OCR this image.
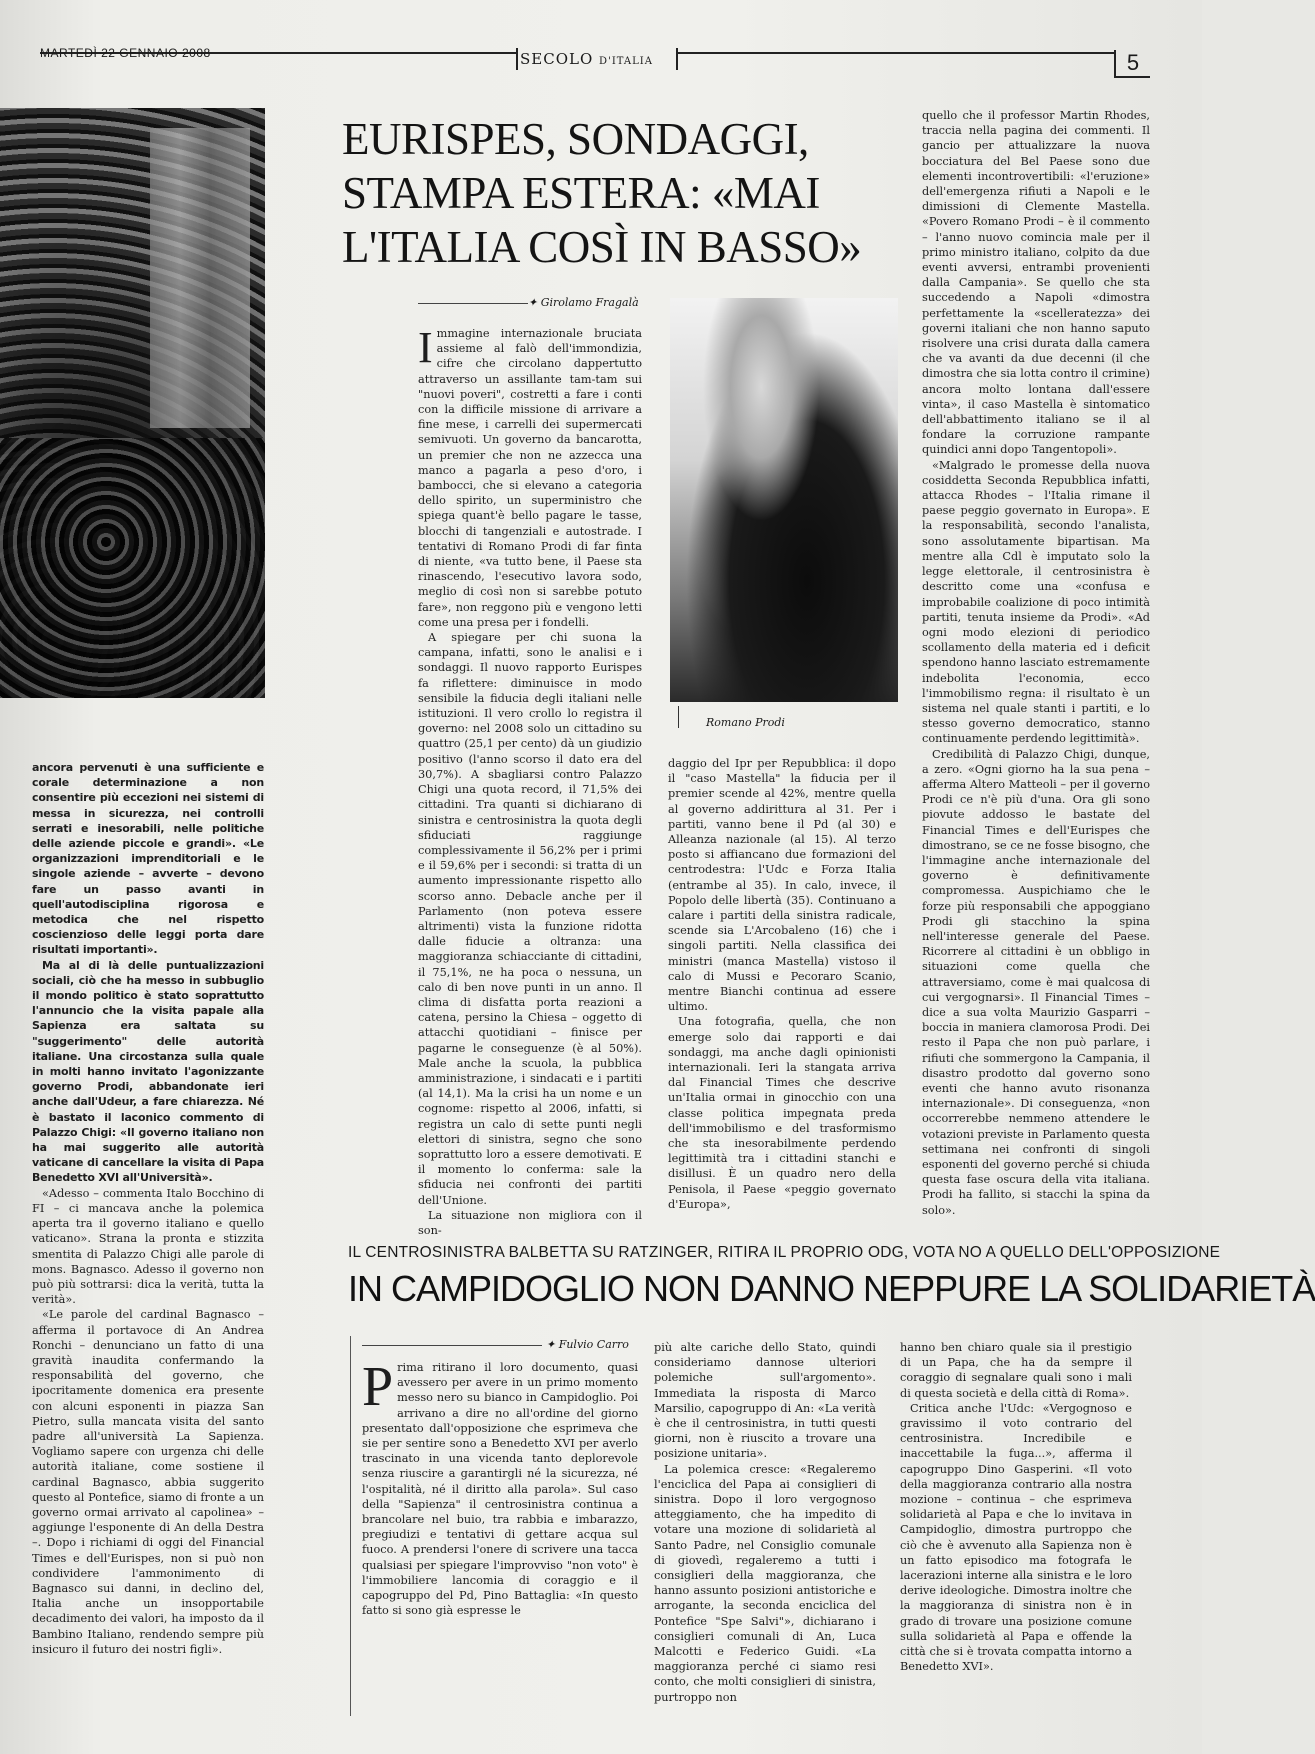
MARTEDÌ 22 GENNAIO 2008	SECOLO D'ITALIA	5
Romano Prodi
EURISPES, SONDAGGI,
STAMPA ESTERA: «MAI
L'ITALIA COSÌ IN BASSO»
✦ Girolamo Fragalà

Immagine internazionale bruciata assieme al falò dell'immondizia, cifre che circolano dappertutto attraverso un assillante tam-tam sui "nuovi poveri", costretti a fare i conti con la difficile missione di arrivare a fine mese, i carrelli dei supermercati semivuoti. Un governo da bancarotta, un premier che non ne azzecca una manco a pagarla a peso d'oro, i bambocci, che si elevano a categoria dello spirito, un superministro che spiega quant'è bello pagare le tasse, blocchi di tangenziali e autostrade. I tentativi di Romano Prodi di far finta di niente, «va tutto bene, il Paese sta rinascendo, l'esecutivo lavora sodo, meglio di così non si sarebbe potuto fare», non reggono più e vengono letti come una presa per i fondelli.

A spiegare per chi suona la campana, infatti, sono le analisi e i sondaggi. Il nuovo rapporto Eurispes fa riflettere: diminuisce in modo sensibile la fiducia degli italiani nelle istituzioni. Il vero crollo lo registra il governo: nel 2008 solo un cittadino su quattro (25,1 per cento) dà un giudizio positivo (l'anno scorso il dato era del 30,7%). A sbagliarsi contro Palazzo Chigi una quota record, il 71,5% dei cittadini. Tra quanti si dichiarano di sinistra e centrosinistra la quota degli sfiduciati raggiunge complessivamente il 56,2% per i primi e il 59,6% per i secondi: si tratta di un aumento impressionante rispetto allo scorso anno. Debacle anche per il Parlamento (non poteva essere altrimenti) vista la funzione ridotta dalle fiducie a oltranza: una maggioranza schiacciante di cittadini, il 75,1%, ne ha poca o nessuna, un calo di ben nove punti in un anno. Il clima di disfatta porta reazioni a catena, persino la Chiesa – oggetto di attacchi quotidiani – finisce per pagarne le conseguenze (è al 50%). Male anche la scuola, la pubblica amministrazione, i sindacati e i partiti (al 14,1). Ma la crisi ha un nome e un cognome: rispetto al 2006, infatti, si registra un calo di sette punti negli elettori di sinistra, segno che sono soprattutto loro a essere demotivati. E il momento lo conferma: sale la sfiducia nei confronti dei partiti dell'Unione.

La situazione non migliora con il son-

daggio del Ipr per Repubblica: il dopo il "caso Mastella" la fiducia per il premier scende al 42%, mentre quella al governo addirittura al 31. Per i partiti, vanno bene il Pd (al 30) e Alleanza nazionale (al 15). Al terzo posto si affiancano due formazioni del centrodestra: l'Udc e Forza Italia (entrambe al 35). In calo, invece, il Popolo delle libertà (35). Continuano a calare i partiti della sinistra radicale, scende sia L'Arcobaleno (16) che i singoli partiti. Nella classifica dei ministri (manca Mastella) vistoso il calo di Mussi e Pecoraro Scanio, mentre Bianchi continua ad essere ultimo.

Una fotografia, quella, che non emerge solo dai rapporti e dai sondaggi, ma anche dagli opinionisti internazionali. Ieri la stangata arriva dal Financial Times che descrive un'Italia ormai in ginocchio con una classe politica impegnata preda dell'immobilismo e del trasformismo che sta inesorabilmente perdendo legittimità tra i cittadini stanchi e disillusi. È un quadro nero della Penisola, il Paese «peggio governato d'Europa»,

quello che il professor Martin Rhodes, traccia nella pagina dei commenti. Il gancio per attualizzare la nuova bocciatura del Bel Paese sono due elementi incontrovertibili: «l'eruzione» dell'emergenza rifiuti a Napoli e le dimissioni di Clemente Mastella. «Povero Romano Prodi – è il commento – l'anno nuovo comincia male per il primo ministro italiano, colpito da due eventi avversi, entrambi provenienti dalla Campania». Se quello che sta succedendo a Napoli «dimostra perfettamente la «scelleratezza» dei governi italiani che non hanno saputo risolvere una crisi durata dalla camera che va avanti da due decenni (il che dimostra che sia lotta contro il crimine) ancora molto lontana dall'essere vinta», il caso Mastella è sintomatico dell'abbattimento italiano se il al fondare la corruzione rampante quindici anni dopo Tangentopoli».

«Malgrado le promesse della nuova cosiddetta Seconda Repubblica infatti, attacca Rhodes – l'Italia rimane il paese peggio governato in Europa». E la responsabilità, secondo l'analista, sono assolutamente bipartisan. Ma mentre alla Cdl è imputato solo la legge elettorale, il centrosinistra è descritto come una «confusa e improbabile coalizione di poco intimità partiti, tenuta insieme da Prodi». «Ad ogni modo elezioni di periodico scollamento della materia ed i deficit spendono hanno lasciato estremamente indebolita l'economia, ecco l'immobilismo regna: il risultato è un sistema nel quale stanti i partiti, e lo stesso governo democratico, stanno continuamente perdendo legittimità».

Credibilità di Palazzo Chigi, dunque, a zero. «Ogni giorno ha la sua pena – afferma Altero Matteoli – per il governo Prodi ce n'è più d'una. Ora gli sono piovute addosso le bastate del Financial Times e dell'Eurispes che dimostrano, se ce ne fosse bisogno, che l'immagine anche internazionale del governo è definitivamente compromessa. Auspichiamo che le forze più responsabili che appoggiano Prodi gli stacchino la spina nell'interesse generale del Paese. Ricorrere al cittadini è un obbligo in situazioni come quella che attraversiamo, come è mai qualcosa di cui vergognarsi». Il Financial Times – dice a sua volta Maurizio Gasparri – boccia in maniera clamorosa Prodi. Dei resto il Papa che non può parlare, i rifiuti che sommergono la Campania, il disastro prodotto dal governo sono eventi che hanno avuto risonanza internazionale». Di conseguenza, «non occorrerebbe nemmeno attendere le votazioni previste in Parlamento questa settimana nei confronti di singoli esponenti del governo perché si chiuda questa fase oscura della vita italiana. Prodi ha fallito, si stacchi la spina da solo».

ancora pervenuti è una sufficiente e corale determinazione a non consentire più eccezioni nei sistemi di messa in sicurezza, nei controlli serrati e inesorabili, nelle politiche delle aziende piccole e grandi». «Le organizzazioni imprenditoriali e le singole aziende – avverte – devono fare un passo avanti in quell'autodisciplina rigorosa e metodica che nel rispetto coscienzioso delle leggi porta dare risultati importanti».

Ma al di là delle puntualizzazioni sociali, ciò che ha messo in subbuglio il mondo politico è stato soprattutto l'annuncio che la visita papale alla Sapienza era saltata su "suggerimento" delle autorità italiane. Una circostanza sulla quale in molti hanno invitato l'agonizzante governo Prodi, abbandonate ieri anche dall'Udeur, a fare chiarezza. Né è bastato il laconico commento di Palazzo Chigi: «Il governo italiano non ha mai suggerito alle autorità vaticane di cancellare la visita di Papa Benedetto XVI all'Università».

«Adesso – commenta Italo Bocchino di FI – ci mancava anche la polemica aperta tra il governo italiano e quello vaticano». Strana la pronta e stizzita smentita di Palazzo Chigi alle parole di mons. Bagnasco. Adesso il governo non può più sottrarsi: dica la verità, tutta la verità».

«Le parole del cardinal Bagnasco – afferma il portavoce di An Andrea Ronchi – denunciano un fatto di una gravità inaudita confermando la responsabilità del governo, che ipocritamente domenica era presente con alcuni esponenti in piazza San Pietro, sulla mancata visita del santo padre all'università La Sapienza. Vogliamo sapere con urgenza chi delle autorità italiane, come sostiene il cardinal Bagnasco, abbia suggerito questo al Pontefice, siamo di fronte a un governo ormai arrivato al capolinea» – aggiunge l'esponente di An della Destra –. Dopo i richiami di oggi del Financial Times e dell'Eurispes, non si può non condividere l'ammonimento di Bagnasco sui danni, in declino del, Italia anche un insopportabile decadimento dei valori, ha imposto da il Bambino Italiano, rendendo sempre più insicuro il futuro dei nostri figli».

IL CENTROSINISTRA BALBETTA SU RATZINGER, RITIRA IL PROPRIO ODG, VOTA NO A QUELLO DELL'OPPOSIZIONE
IN CAMPIDOGLIO NON DANNO NEPPURE LA SOLIDARIETÀ
✦ Fulvio Carro

Prima ritirano il loro documento, quasi avessero per avere in un primo momento messo nero su bianco in Campidoglio. Poi arrivano a dire no all'ordine del giorno presentato dall'opposizione che esprimeva che sie per sentire sono a Benedetto XVI per averlo trascinato in una vicenda tanto deplorevole senza riuscire a garantirgli né la sicurezza, né l'ospitalità, né il diritto alla parola». Sul caso della "Sapienza" il centrosinistra continua a brancolare nel buio, tra rabbia e imbarazzo, pregiudizi e tentativi di gettare acqua sul fuoco. A prendersi l'onere di scrivere una tacca qualsiasi per spiegare l'improvviso "non voto" è l'immobiliere lancomia di coraggio e il capogruppo del Pd, Pino Battaglia: «In questo fatto si sono già espresse le

più alte cariche dello Stato, quindi consideriamo dannose ulteriori polemiche sull'argomento». Immediata la risposta di Marco Marsilio, capogruppo di An: «La verità è che il centrosinistra, in tutti questi giorni, non è riuscito a trovare una posizione unitaria».

La polemica cresce: «Regaleremo l'enciclica del Papa ai consiglieri di sinistra. Dopo il loro vergognoso atteggiamento, che ha impedito di votare una mozione di solidarietà al Santo Padre, nel Consiglio comunale di giovedì, regaleremo a tutti i consiglieri della maggioranza, che hanno assunto posizioni antistoriche e arrogante, la seconda enciclica del Pontefice "Spe Salvi"», dichiarano i consiglieri comunali di An, Luca Malcotti e Federico Guidi. «La maggioranza perché ci siamo resi conto, che molti consiglieri di sinistra, purtroppo non

hanno ben chiaro quale sia il prestigio di un Papa, che ha da sempre il coraggio di segnalare quali sono i mali di questa società e della città di Roma».

Critica anche l'Udc: «Vergognoso e gravissimo il voto contrario del centrosinistra. Incredibile e inaccettabile la fuga...», afferma il capogruppo Dino Gasperini. «Il voto della maggioranza contrario alla nostra mozione – continua – che esprimeva solidarietà al Papa e che lo invitava in Campidoglio, dimostra purtroppo che ciò che è avvenuto alla Sapienza non è un fatto episodico ma fotografa le lacerazioni interne alla sinistra e le loro derive ideologiche. Dimostra inoltre che la maggioranza di sinistra non è in grado di trovare una posizione comune sulla solidarietà al Papa e offende la città che si è trovata compatta intorno a Benedetto XVI».
